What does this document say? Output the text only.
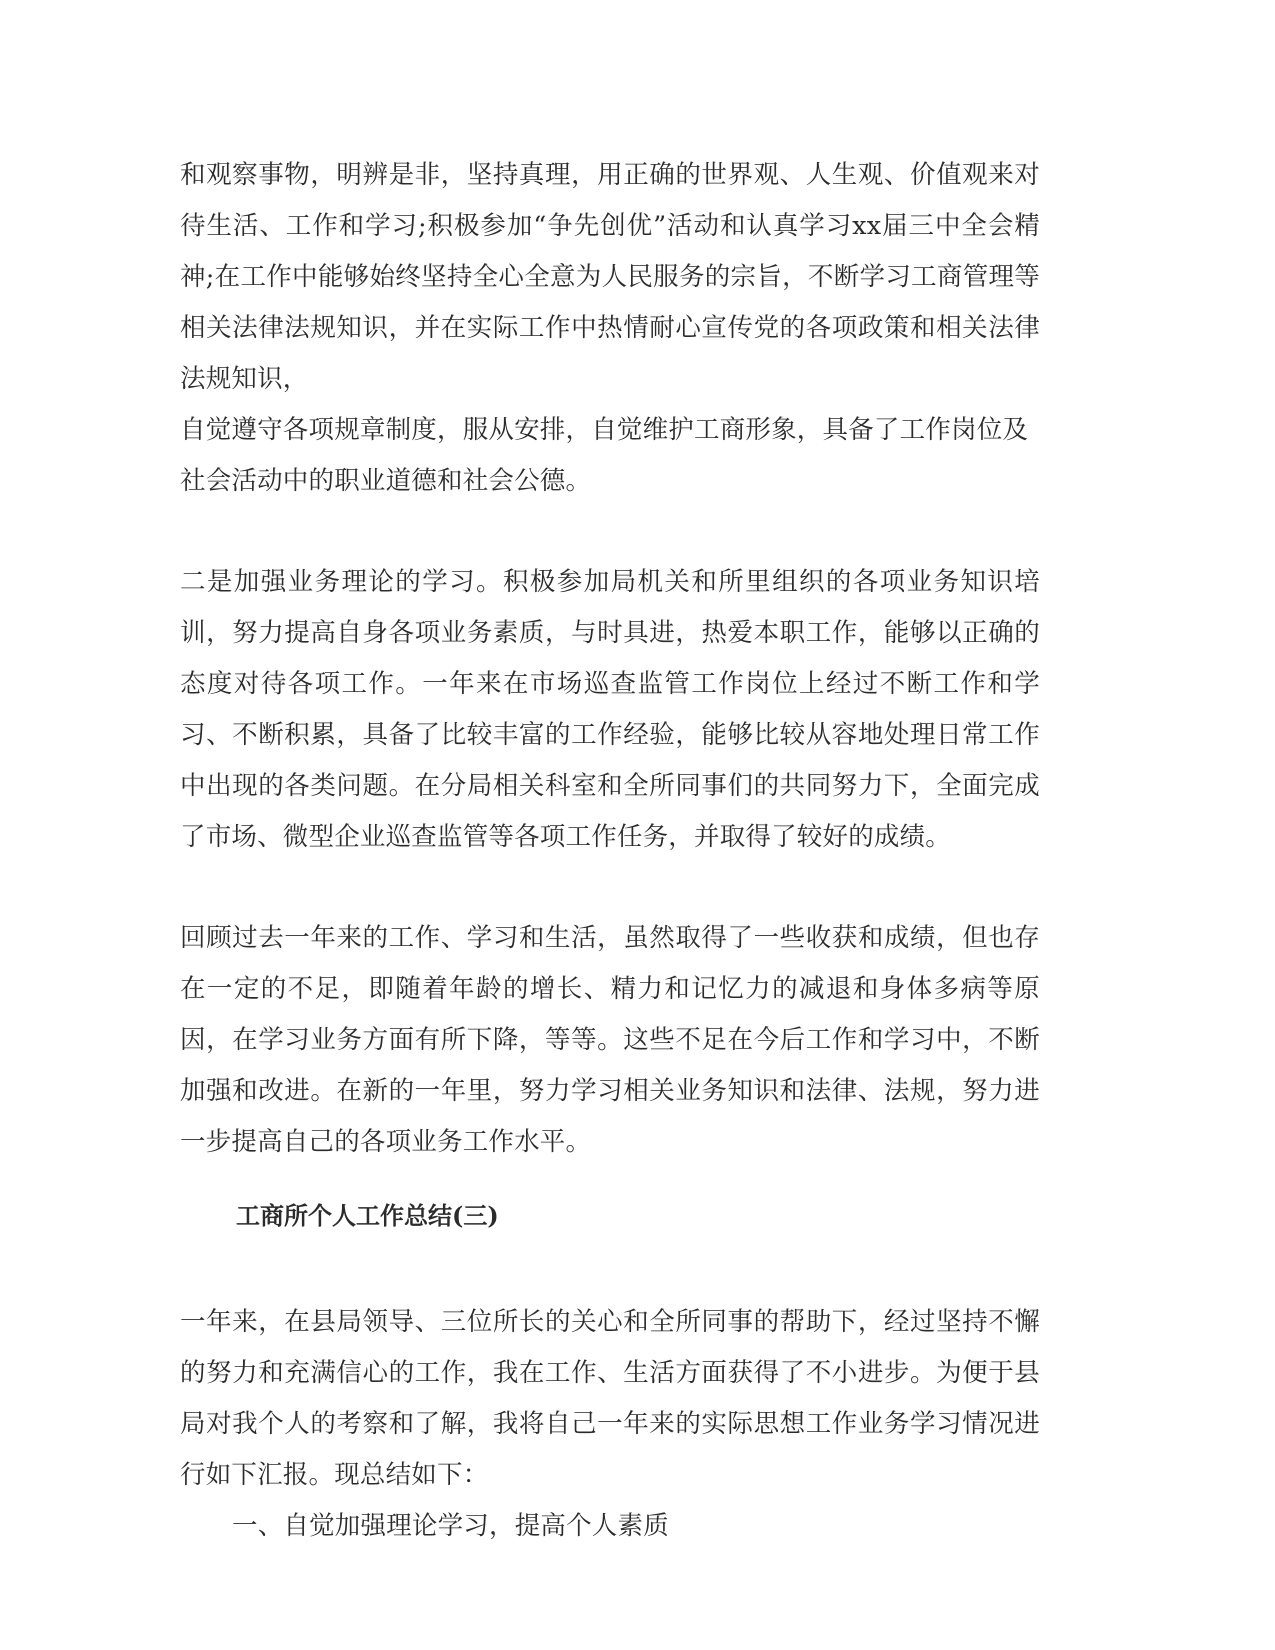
和观察事物，明辨是非，坚持真理，用正确的世界观、人生观、价值观来对待生活、工作和学习;积极参加“争先创优”活动和认真学习xx届三中全会精神;在工作中能够始终坚持全心全意为人民服务的宗旨，不断学习工商管理等相关法律法规知识，并在实际工作中热情耐心宣传党的各项政策和相关法律法规知识，

自觉遵守各项规章制度，服从安排，自觉维护工商形象，具备了工作岗位及社会活动中的职业道德和社会公德。

二是加强业务理论的学习。积极参加局机关和所里组织的各项业务知识培训，努力提高自身各项业务素质，与时具进，热爱本职工作，能够以正确的态度对待各项工作。一年来在市场巡查监管工作岗位上经过不断工作和学习、不断积累，具备了比较丰富的工作经验，能够比较从容地处理日常工作中出现的各类问题。在分局相关科室和全所同事们的共同努力下，全面完成了市场、微型企业巡查监管等各项工作任务，并取得了较好的成绩。

回顾过去一年来的工作、学习和生活，虽然取得了一些收获和成绩，但也存在一定的不足，即随着年龄的增长、精力和记忆力的减退和身体多病等原因，在学习业务方面有所下降，等等。这些不足在今后工作和学习中，不断加强和改进。在新的一年里，努力学习相关业务知识和法律、法规，努力进一步提高自己的各项业务工作水平。

工商所个人工作总结(三)

一年来，在县局领导、三位所长的关心和全所同事的帮助下，经过坚持不懈的努力和充满信心的工作，我在工作、生活方面获得了不小进步。为便于县局对我个人的考察和了解，我将自己一年来的实际思想工作业务学习情况进行如下汇报。现总结如下：

一、自觉加强理论学习，提高个人素质
